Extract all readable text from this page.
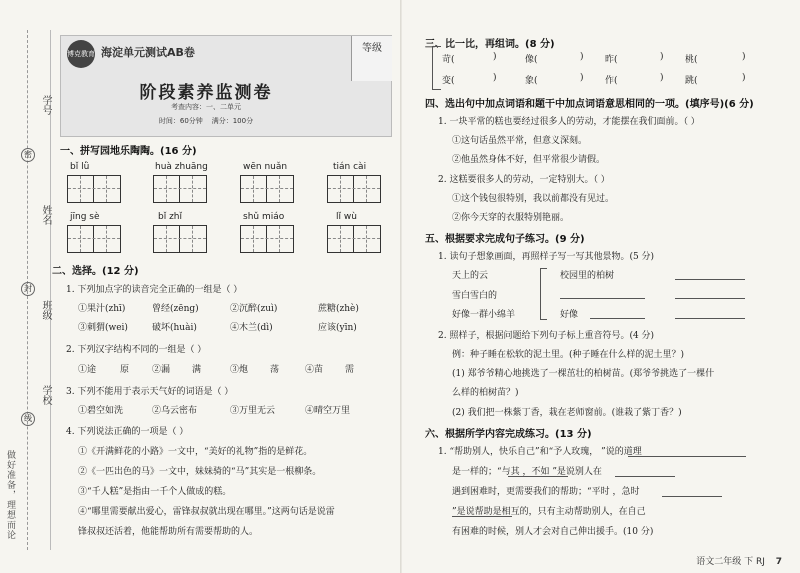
学号
姓名
班级
学校
做好准备，理想而论
密
封
线
博克教育 海淀单元测试AB卷	等级
阶段素养监测卷
考查内容：一、二单元
时间：60分钟 满分：100分
一、拼写园地乐陶陶。(16 分)
bǐ lǜ	huà zhuāng	wēn nuǎn	tián cài
jīng sè	bǐ zhǐ	shǔ miáo	lǐ wù
二、选择。(12 分)
1. 下列加点字的读音完全正确的一组是（ ）
①果汁(zhī)	曾经(zēng)	②沉醉(zuì)	蔗糖(zhè)
③刺猬(wei)	破坏(huài)	④木兰(dì)	应该(yīn)
2. 下列汉字结构不同的一组是（ ）
①途	原	②漏 满	③炮 荡	④苗 需
3. 下列不能用于表示天气好的词语是（ ）
①碧空如洗	②乌云密布	③万里无云	④晴空万里
4. 下列说法正确的一项是（ ）
①《开满鲜花的小路》一文中，“美好的礼物”指的是鲜花。
②《一匹出色的马》一文中，妹妹骑的“马”其实是一根柳条。
③“千人糕”是指由一千个人做成的糕。
④“哪里需要献出爱心，雷锋叔叔就出现在哪里。”这两句话是说雷
锋叔叔还活着，他能帮助所有需要帮助的人。
三、比一比，再组词。(8 分)
苛(	)	像(	) 昨(	) 桃(	)
变(	)	象(	) 作(	) 跳(	)
四、选出句中加点词语和题干中加点词语意思相同的一项。(填序号)(6 分)
1. 一块平常的糕也要经过很多人的劳动，才能摆在我们面前。（ ）
①这句话虽然平常，但意义深刻。
②他虽然身体不好，但平常很少请假。
2. 这糕要很多人的劳动，一定特别大。（ ）
①这个钱包很特别，我以前都没有见过。
②你今天穿的衣服特别艳丽。
五、根据要求完成句子练习。(9 分)
1. 读句子想象画面，再照样子写一写其他景物。(5 分)
天上的云
雪白雪白的
好像一群小绵羊
校园里的柏树
好像
2. 照样子，根据问题给下列句子标上重音符号。(4 分)
例：种子睡在松软的泥土里。(种子睡在什么样的泥土里？)
(1) 郑爷爷精心地挑选了一棵茁壮的柏树苗。(郑爷爷挑选了一棵什
么样的柏树苗？)
(2) 我们把一株紫丁香，栽在老师窗前。(谁栽了紫丁香？)
六、根据所学内容完成练习。(13 分)
1. “帮助别人，快乐自己”和“予人玫瑰， ”说的道理
是一样的；“与其 ，不如 ”是说别人在
遇到困难时，更需要我们的帮助；“平时 ，急时
”是说帮助是相互的，只有主动帮助别人，在自己
有困难的时候，别人才会对自己伸出援手。(10 分)
语文二年级 下 RJ 7
